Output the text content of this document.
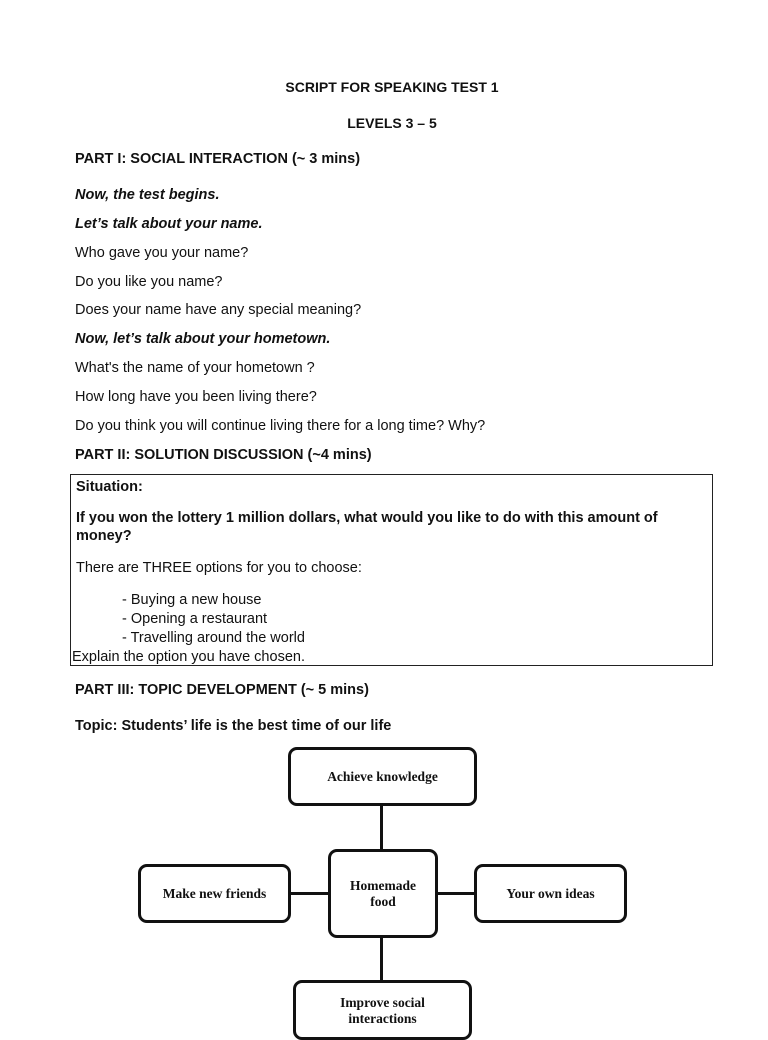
SCRIPT FOR SPEAKING TEST 1
LEVELS 3 – 5
PART I: SOCIAL INTERACTION (~ 3 mins)
Now, the test begins.
Let’s talk about your name.
Who gave you your name?
Do you like you name?
Does your name have any special meaning?
Now, let’s talk about your hometown.
What's the name of your hometown ?
How long have you been living there?
Do you think you will continue living there for a long time? Why?
PART II: SOLUTION DISCUSSION (~4 mins)
Situation:
If you won the lottery 1 million dollars, what would you like to do with this amount of
money?
There are THREE options for you to choose:
- Buying a new house
- Opening a restaurant
- Travelling around the world
Explain the option you have chosen.
PART III: TOPIC DEVELOPMENT (~ 5 mins)
Topic: Students’ life is the best time of our life
Achieve knowledge
Make new friends
Homemade
food
Your own ideas
Improve social
interactions
